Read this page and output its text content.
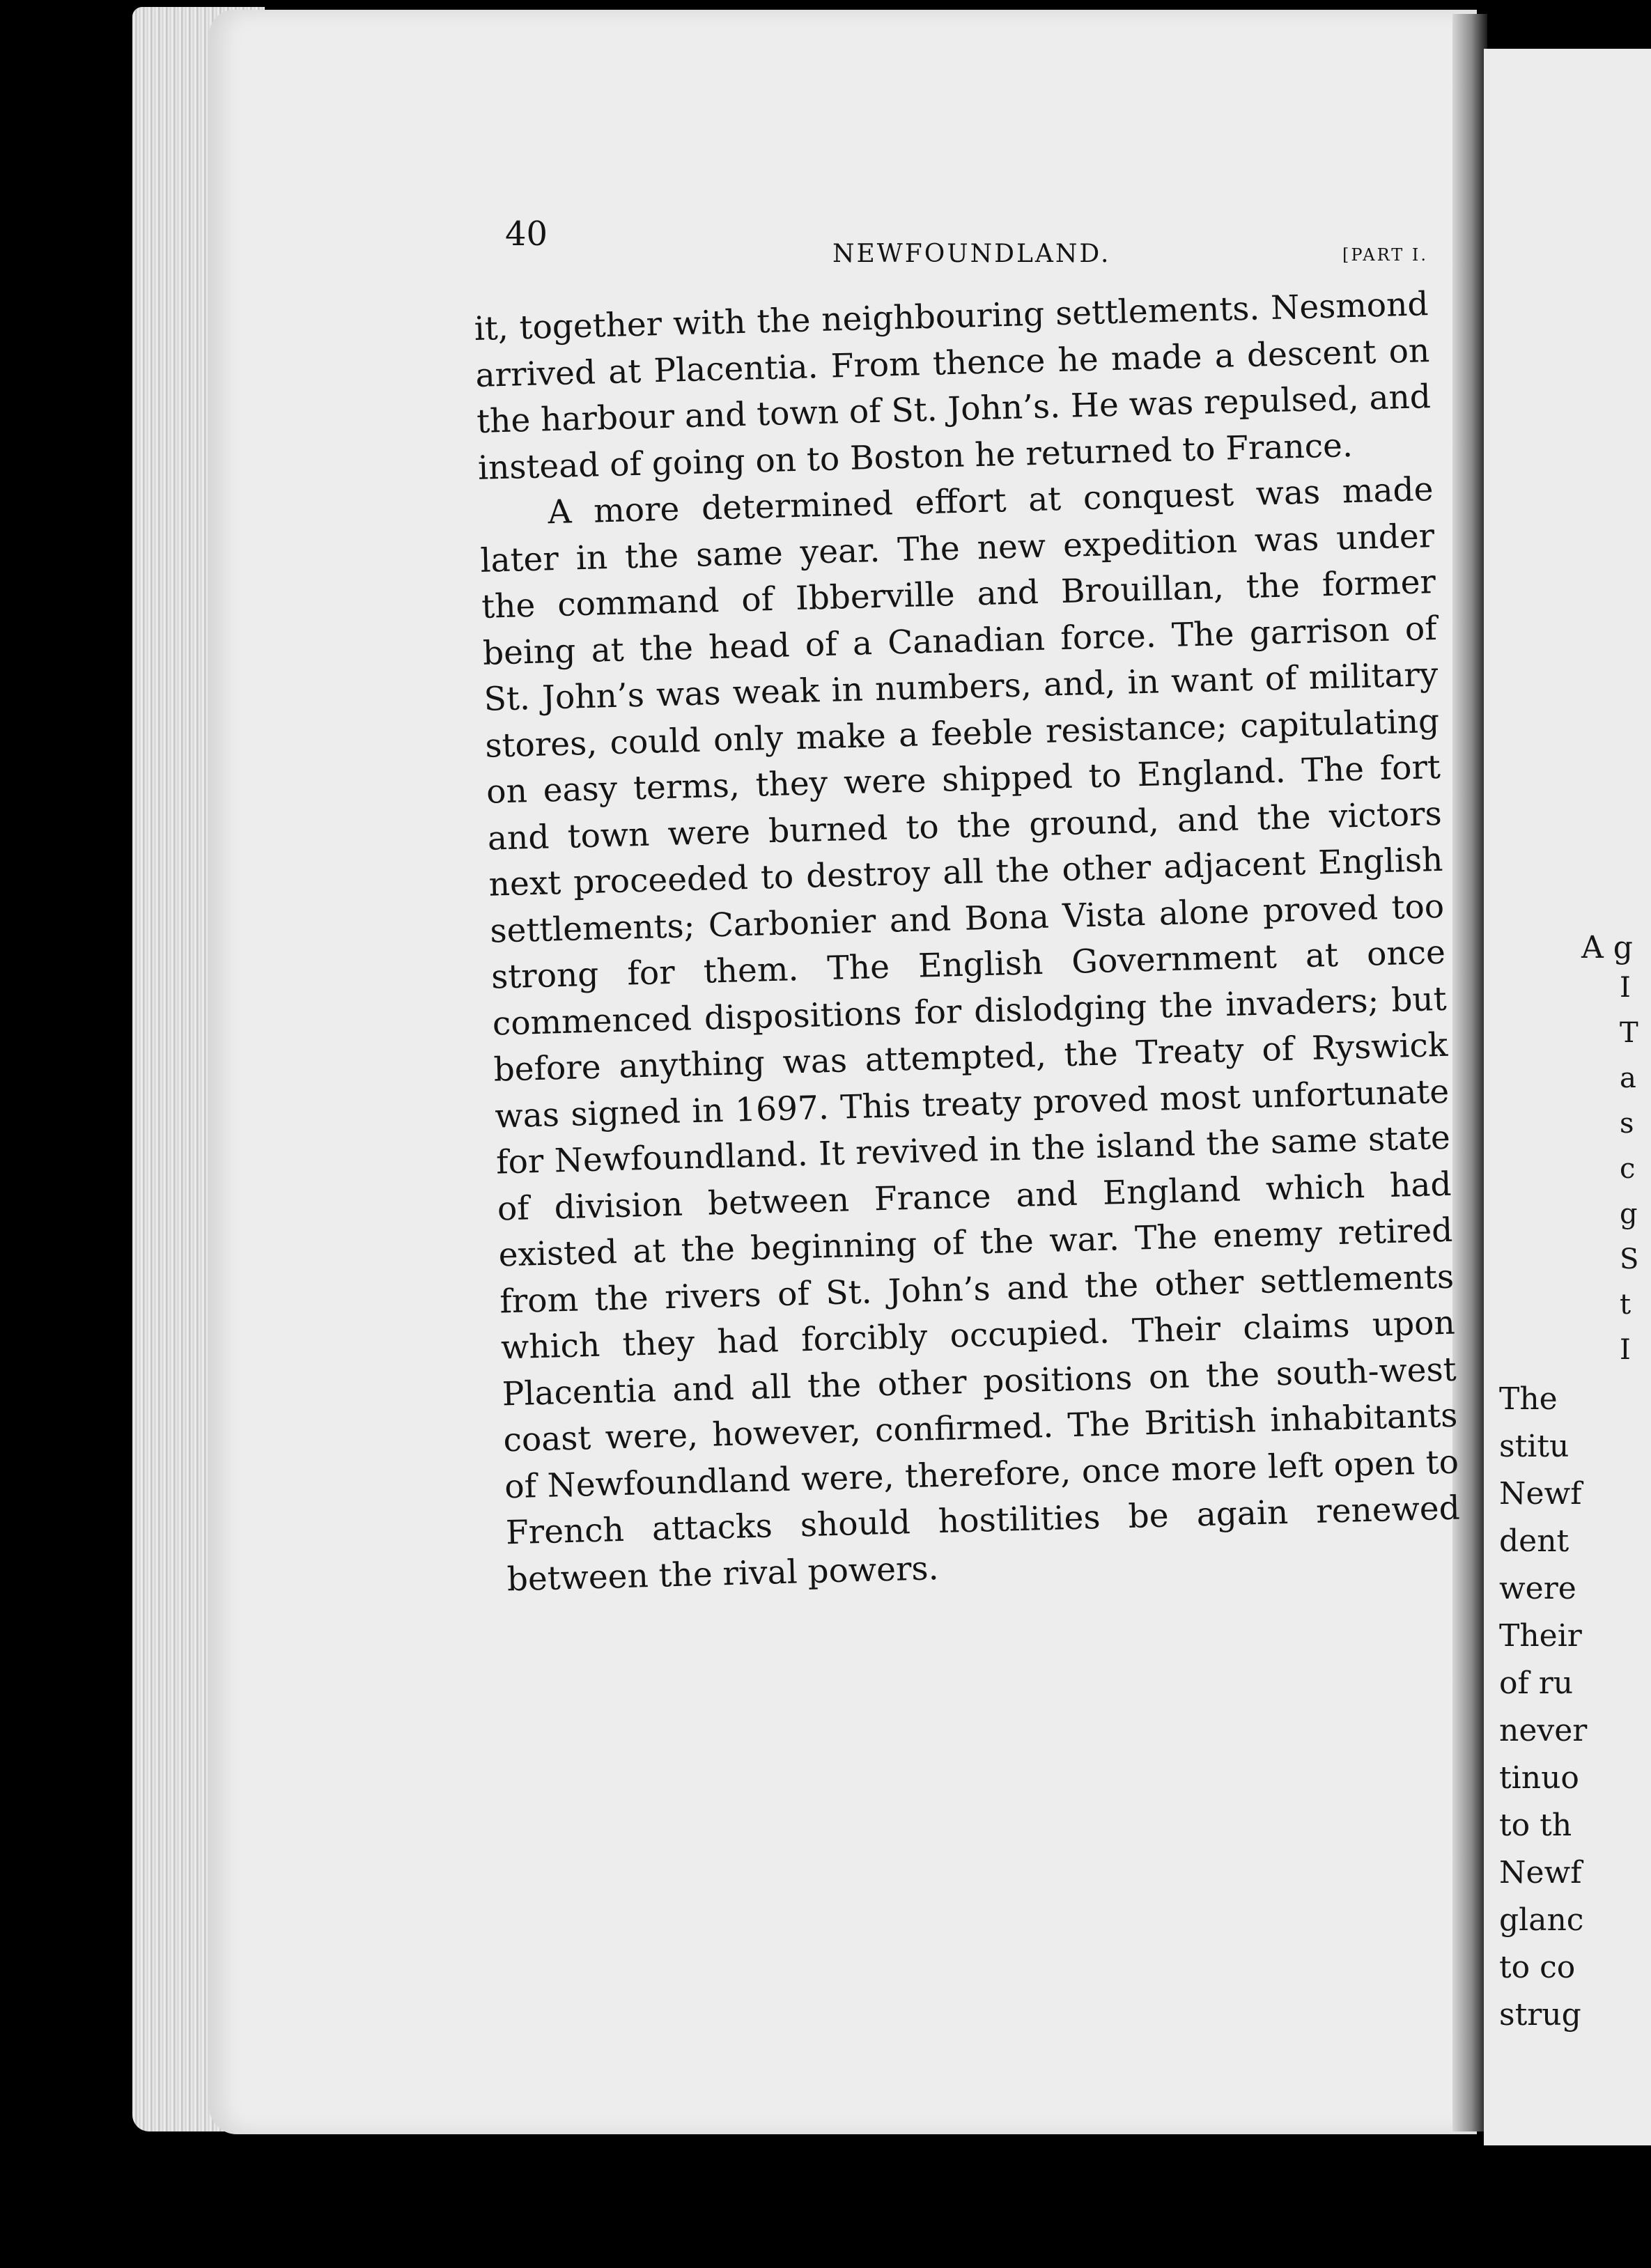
A g
I
T
a
s
c
g
S
t
I
The
stitu
Newf
dent
were
Their
of ru
never
tinuo
to th
Newf
glanc
to co
strug
40
NEWFOUNDLAND.	[PART I.

it, together with the neighbouring settlements. Nesmond arrived at Placentia. From thence he made a descent on the harbour and town of St. John’s. He was repulsed, and instead of going on to Boston he returned to France.

A more determined effort at conquest was made later in the same year. The new expedition was under the command of Ibberville and Brouillan, the former being at the head of a Canadian force. The garrison of St. John’s was weak in numbers, and, in want of military stores, could only make a feeble resistance; capitulating on easy terms, they were shipped to England. The fort and town were burned to the ground, and the victors next proceeded to destroy all the other adjacent English settlements; Carbonier and Bona Vista alone proved too strong for them. The English Government at once commenced dispositions for dislodging the invaders; but before anything was attempted, the Treaty of Ryswick was signed in 1697. This treaty proved most unfortunate for Newfoundland. It revived in the island the same state of division between France and England which had existed at the beginning of the war. The enemy retired from the rivers of St. John’s and the other settlements which they had forcibly occupied. Their claims upon Placentia and all the other positions on the south-west coast were, however, confirmed. The British inhabitants of Newfoundland were, therefore, once more left open to French attacks should hostilities be again renewed between the rival powers.
